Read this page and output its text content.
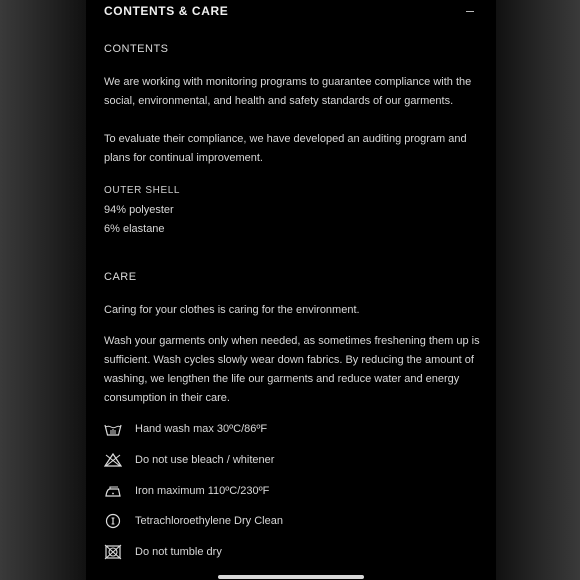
CONTENTS & CARE
CONTENTS
We are working with monitoring programs to guarantee compliance with the social, environmental, and health and safety standards of our garments.
To evaluate their compliance, we have developed an auditing program and plans for continual improvement.
OUTER SHELL
94% polyester
6% elastane
CARE
Caring for your clothes is caring for the environment.
Wash your garments only when needed, as sometimes freshening them up is sufficient. Wash cycles slowly wear down fabrics. By reducing the amount of washing, we lengthen the life our garments and reduce water and energy consumption in their care.
Hand wash max 30ºC/86ºF
Do not use bleach / whitener
Iron maximum 110ºC/230ºF
Tetrachloroethylene Dry Clean
Do not tumble dry
